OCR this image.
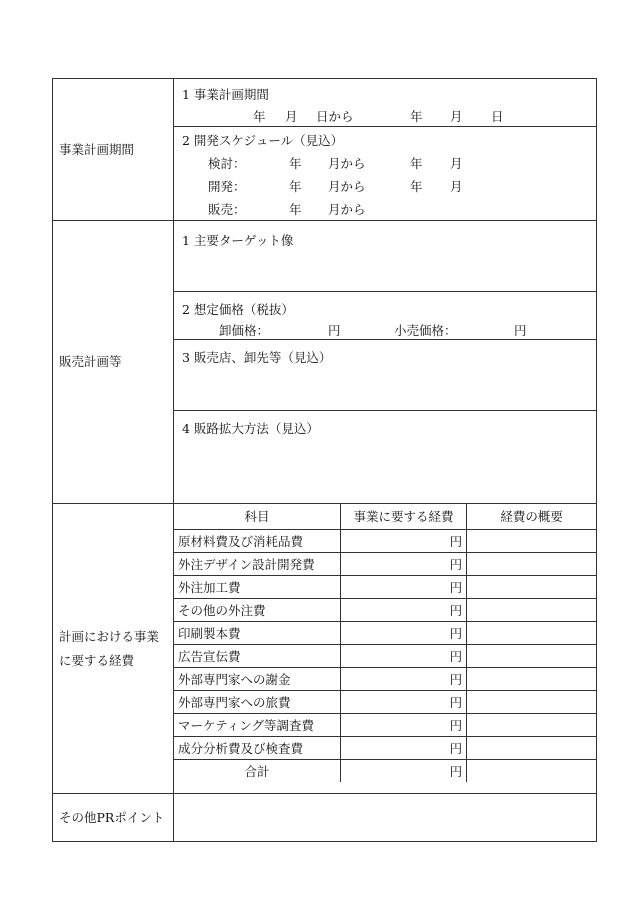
事業計画期間
1 事業計画期間
年 月 日から	年 月 日
2 開発スケジュール（見込）
検討：	年 月から	年 月
開発：	年 月から	年 月
販売：	年 月から
販売計画等
1 主要ターゲット像
2 想定価格（税抜）
卸価格：	円	小売価格：	円
3 販売店、卸先等（見込）
4 販路拡大方法（見込）
計画における事業
に要する経費
科目	事業に要する経費	経費の概要
原材料費及び消耗品費	円	
外注デザイン設計開発費	円	
外注加工費	円	
その他の外注費	円	
印刷製本費	円	
広告宣伝費	円	
外部専門家への謝金	円	
外部専門家への旅費	円	
マーケティング等調査費	円	
成分分析費及び検査費	円	
合計	円	
その他PRポイント
